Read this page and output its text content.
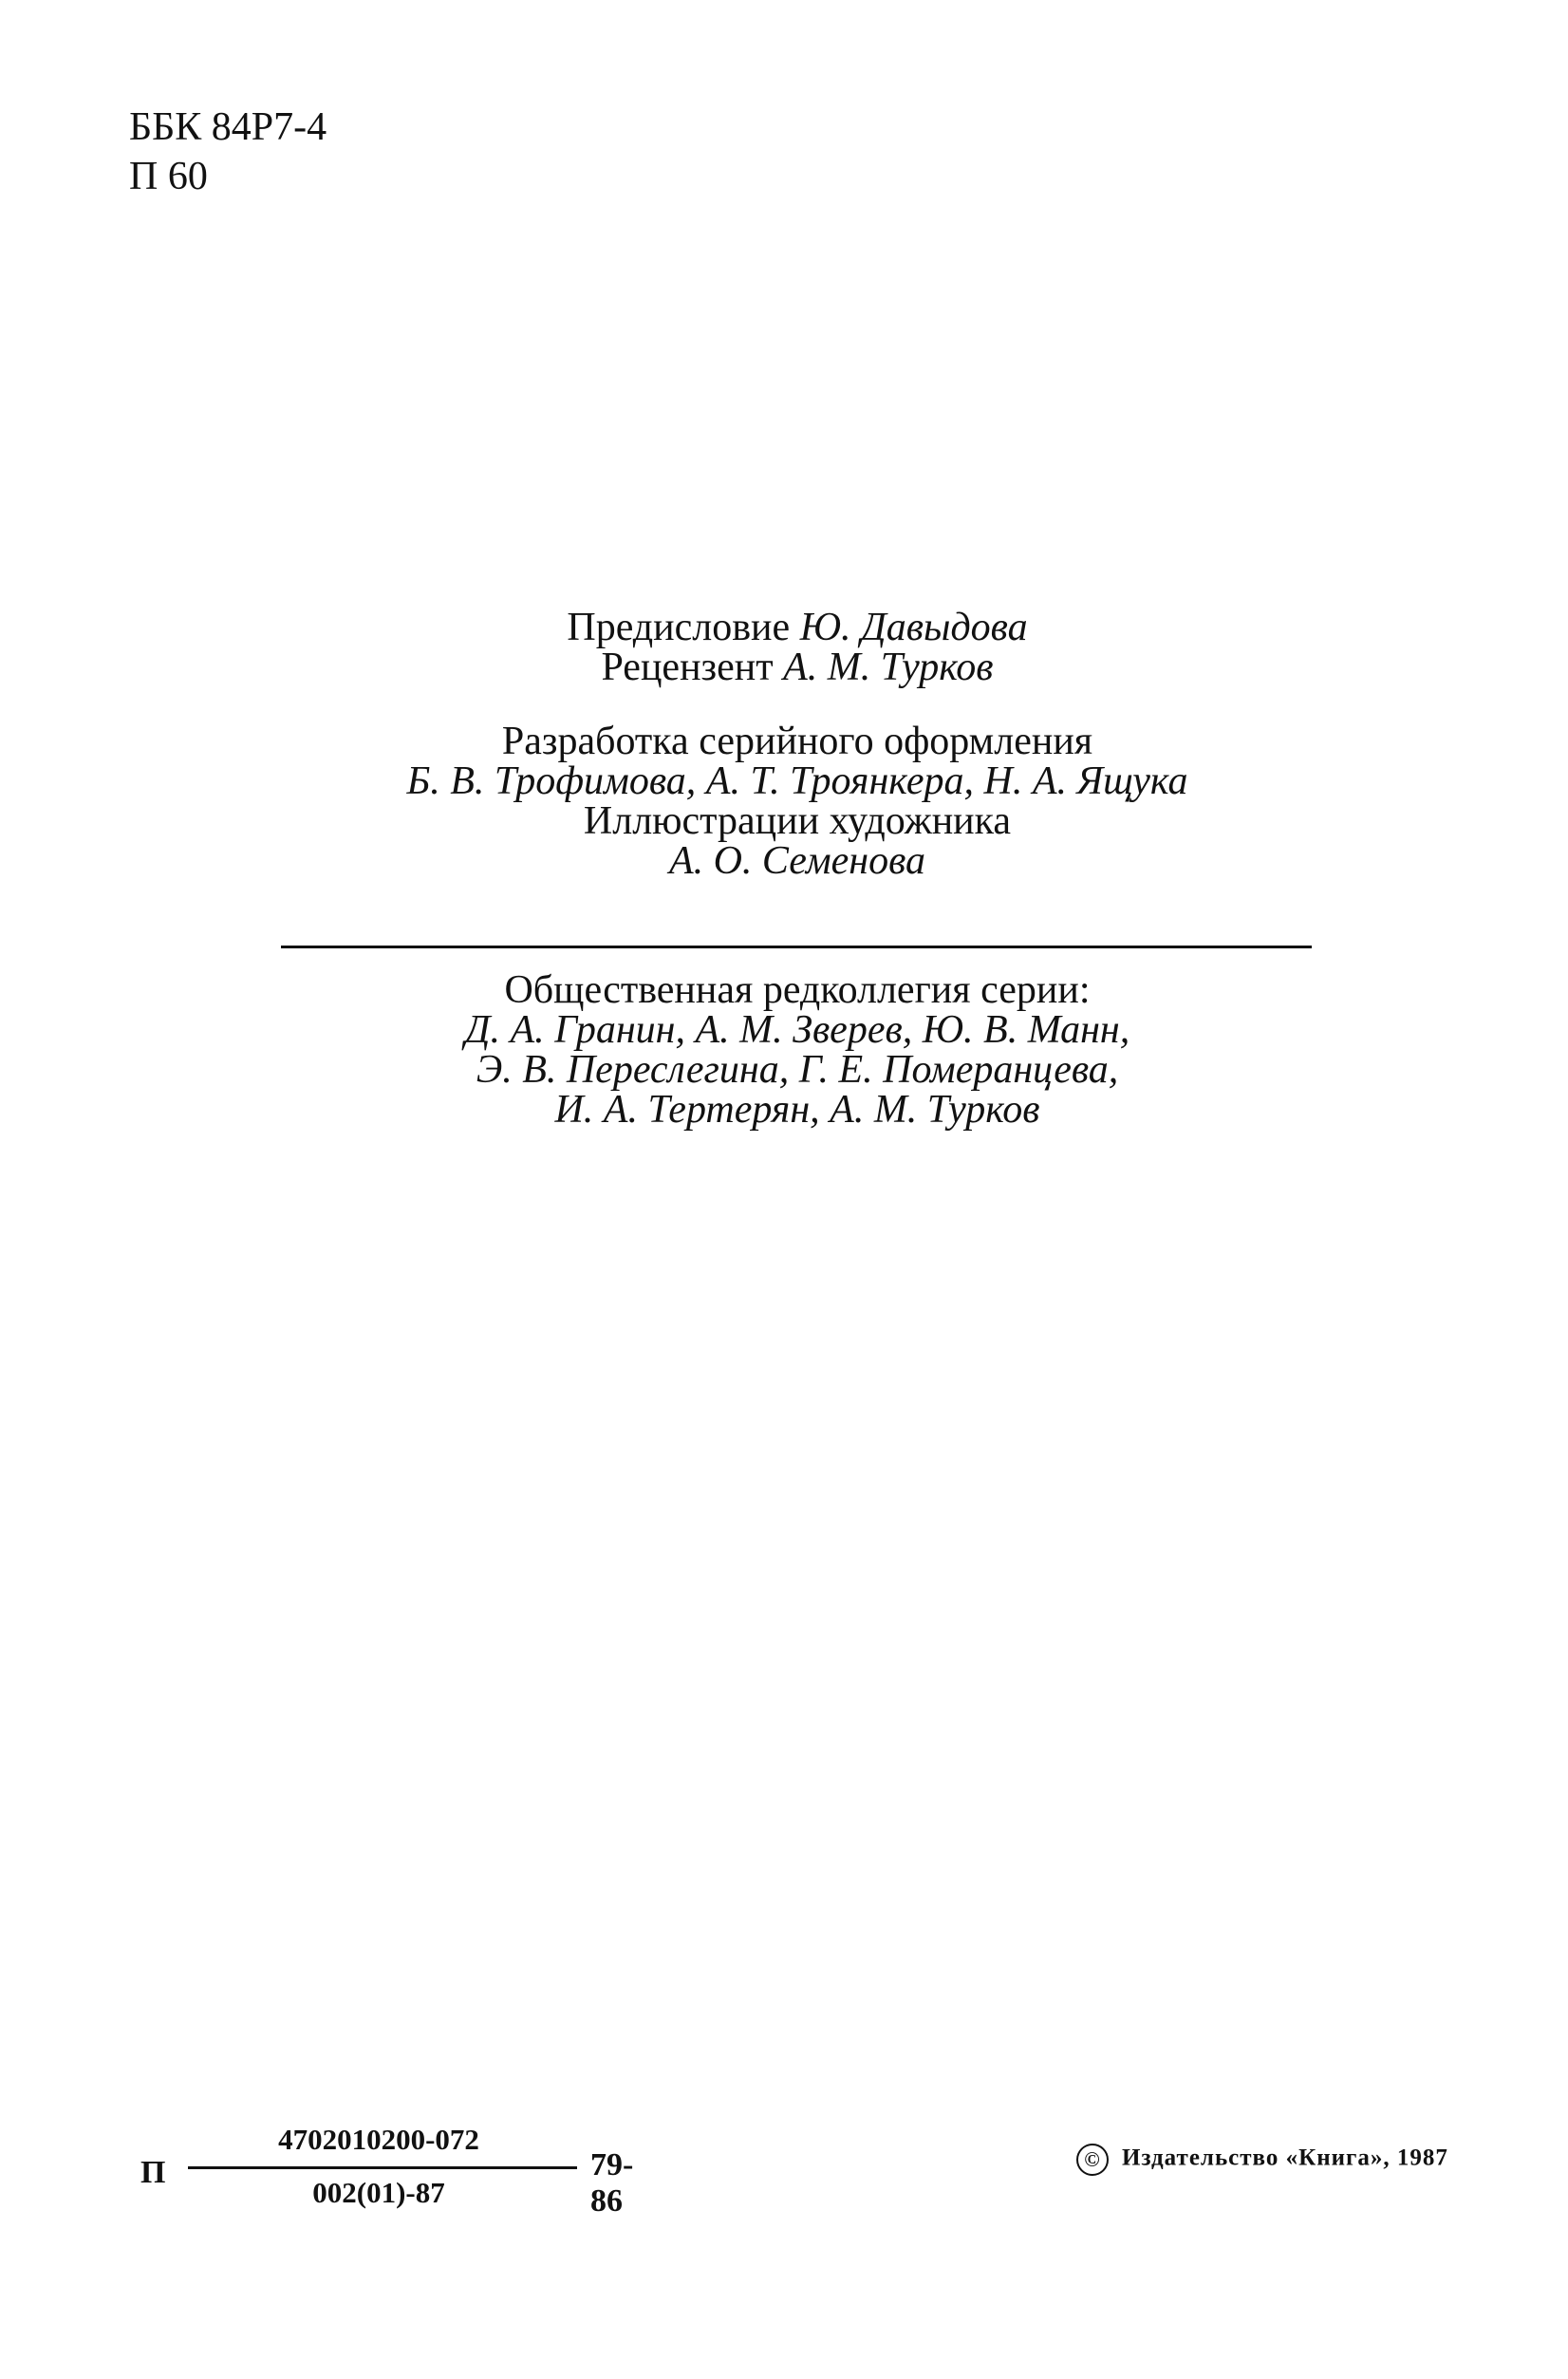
ББК 84Р7-4
П 60
Предисловие Ю. Давыдова
Рецензент А. М. Турков
Разработка серийного оформления
Б. В. Трофимова, А. Т. Троянкера, Н. А. Ящука
Иллюстрации художника
А. О. Семенова
Общественная редколлегия серии:
Д. А. Гранин, А. М. Зверев, Ю. В. Манн,
Э. В. Переслегина, Г. Е. Померанцева,
И. А. Тертерян, А. М. Турков
П
4702010200-072
002(01)-87
79-86
© Издательство «Книга», 1987
